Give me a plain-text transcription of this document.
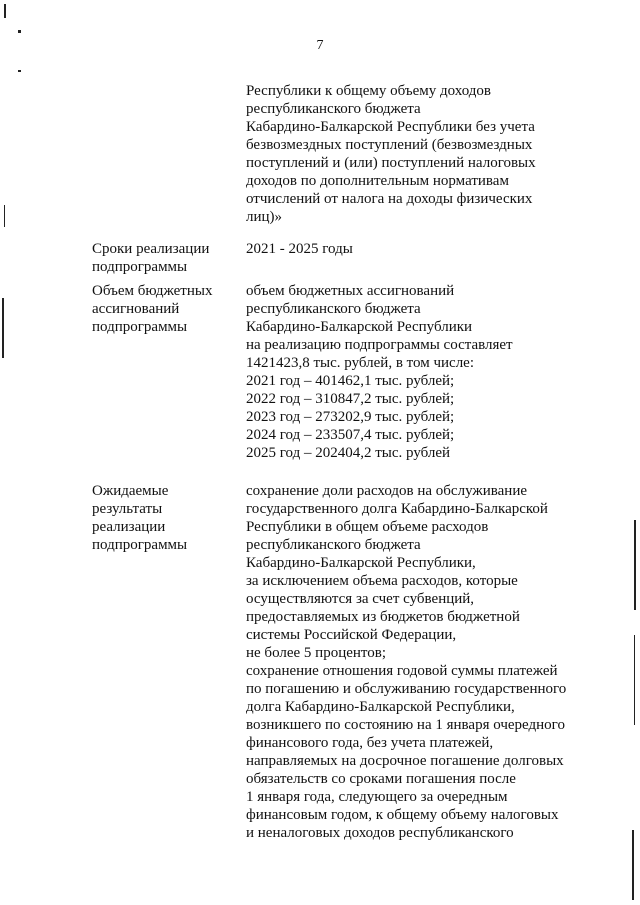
7
Республики к общему объему доходов
республиканского бюджета
Кабардино-Балкарской Республики без учета
безвозмездных поступлений (безвозмездных
поступлений и (или) поступлений налоговых
доходов по дополнительным нормативам
отчислений от налога на доходы физических
лиц)»
Сроки реализации
подпрограммы
2021 - 2025 годы
Объем бюджетных
ассигнований
подпрограммы
объем бюджетных ассигнований
республиканского бюджета
Кабардино-Балкарской Республики
на реализацию подпрограммы составляет
1421423,8 тыс. рублей, в том числе:
2021 год – 401462,1 тыс. рублей;
2022 год – 310847,2 тыс. рублей;
2023 год – 273202,9 тыс. рублей;
2024 год – 233507,4 тыс. рублей;
2025 год – 202404,2 тыс. рублей
Ожидаемые
результаты
реализации
подпрограммы
сохранение доли расходов на обслуживание
государственного долга Кабардино-Балкарской
Республики в общем объеме расходов
республиканского бюджета
Кабардино-Балкарской Республики,
за исключением объема расходов, которые
осуществляются за счет субвенций,
предоставляемых из бюджетов бюджетной
системы Российской Федерации,
не более 5 процентов;
сохранение отношения годовой суммы платежей
по погашению и обслуживанию государственного
долга Кабардино-Балкарской Республики,
возникшего по состоянию на 1 января очередного
финансового года, без учета платежей,
направляемых на досрочное погашение долговых
обязательств со сроками погашения после
1 января года, следующего за очередным
финансовым годом, к общему объему налоговых
и неналоговых доходов республиканского
